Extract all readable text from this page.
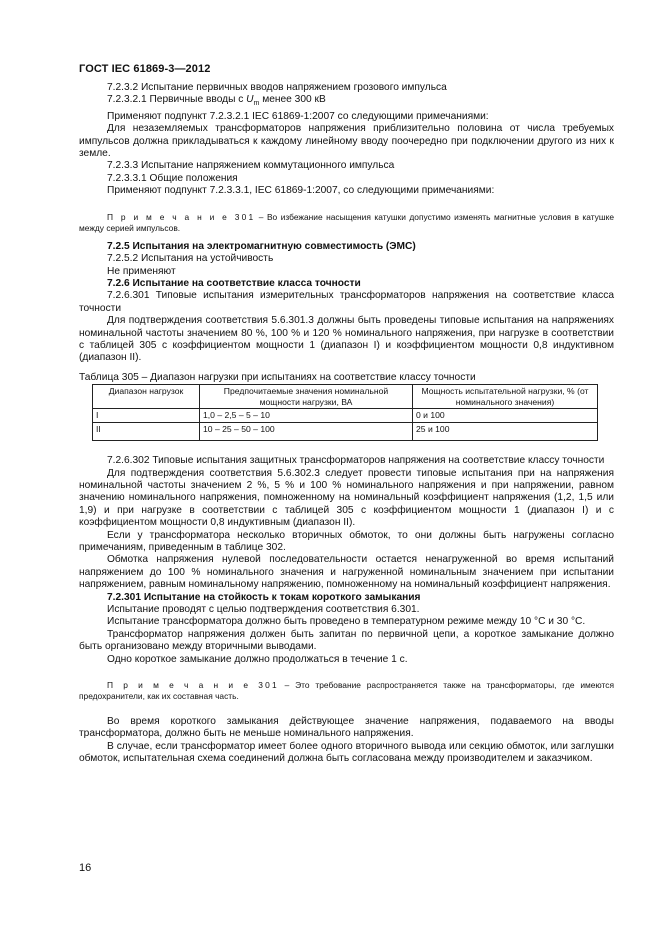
ГОСТ IEC 61869-3—2012

7.2.3.2 Испытание первичных вводов напряжением грозового импульса

7.2.3.2.1 Первичные вводы с $U_m$ менее 300 кВ

Применяют подпункт 7.2.3.2.1 IEC 61869-1:2007 со следующими примечаниями:

Для незаземляемых трансформаторов напряжения приблизительно половина от числа требуемых импульсов должна прикладываться к каждому линейному вводу поочередно при подключении другого из них к земле.

7.2.3.3 Испытание напряжением коммутационного импульса

7.2.3.3.1 Общие положения

Применяют подпункт 7.2.3.3.1, IEC 61869-1:2007, со следующими примечаниями:

П р и м е ч а н и е 301 – Во избежание насыщения катушки допустимо изменять магнитные условия в катушке между серией импульсов.

7.2.5 Испытания на электромагнитную совместимость (ЭМС)

7.2.5.2 Испытания на устойчивость

Не применяют

7.2.6 Испытание на соответствие класса точности

7.2.6.301 Типовые испытания измерительных трансформаторов напряжения на соответствие класса точности

Для подтверждения соответствия 5.6.301.3 должны быть проведены типовые испытания на напряжениях номинальной частоты значением 80 %, 100 % и 120 % номинального напряжения, при нагрузке в соответствии с таблицей 305 с коэффициентом мощности 1 (диапазон I) и коэффициентом мощности 0,8 индуктивном (диапазон II).

Таблица 305 – Диапазон нагрузки при испытаниях на соответствие классу точности

Диапазон нагрузок	Предпочитаемые значения номинальной мощности нагрузки, ВА	Мощность испытательной нагрузки, % (от номинального значения)
I	1,0 – 2,5 – 5 – 10	0 и 100
II	10 – 25 – 50 – 100	25 и 100

7.2.6.302 Типовые испытания защитных трансформаторов напряжения на соответствие классу точности

Для подтверждения соответствия 5.6.302.3 следует провести типовые испытания при на напряжения номинальной частоты значением 2 %, 5 % и 100 % номинального напряжения и при напряжении, равном значению номинального напряжения, помноженному на номинальный коэффициент напряжения (1,2, 1,5 или 1,9) и при нагрузке в соответствии с таблицей 305 с коэффициентом мощности 1 (диапазон I) и с коэффициентом мощности 0,8 индуктивным (диапазон II).

Если у трансформатора несколько вторичных обмоток, то они должны быть нагружены согласно примечаниям, приведенным в таблице 302.

Обмотка напряжения нулевой последовательности остается ненагруженной во время испытаний напряжением до 100 % номинального значения и нагруженной номинальным значением при испытании напряжением, равным номинальному напряжению, помноженному на номинальный коэффициент напряжения.

7.2.301 Испытание на стойкость к токам короткого замыкания

Испытание проводят с целью подтверждения соответствия 6.301.

Испытание трансформатора должно быть проведено в температурном режиме между 10 °С и 30 °С.

Трансформатор напряжения должен быть запитан по первичной цепи, а короткое замыкание должно быть организовано между вторичными выводами.

Одно короткое замыкание должно продолжаться в течение 1 с.

П р и м е ч а н и е 301 – Это требование распространяется также на трансформаторы, где имеются предохранители, как их составная часть.

Во время короткого замыкания действующее значение напряжения, подаваемого на вводы трансформатора, должно быть не меньше номинального напряжения.

В случае, если трансформатор имеет более одного вторичного вывода или секцию обмоток, или заглушки обмоток, испытательная схема соединений должна быть согласована между производителем и заказчиком.

16
